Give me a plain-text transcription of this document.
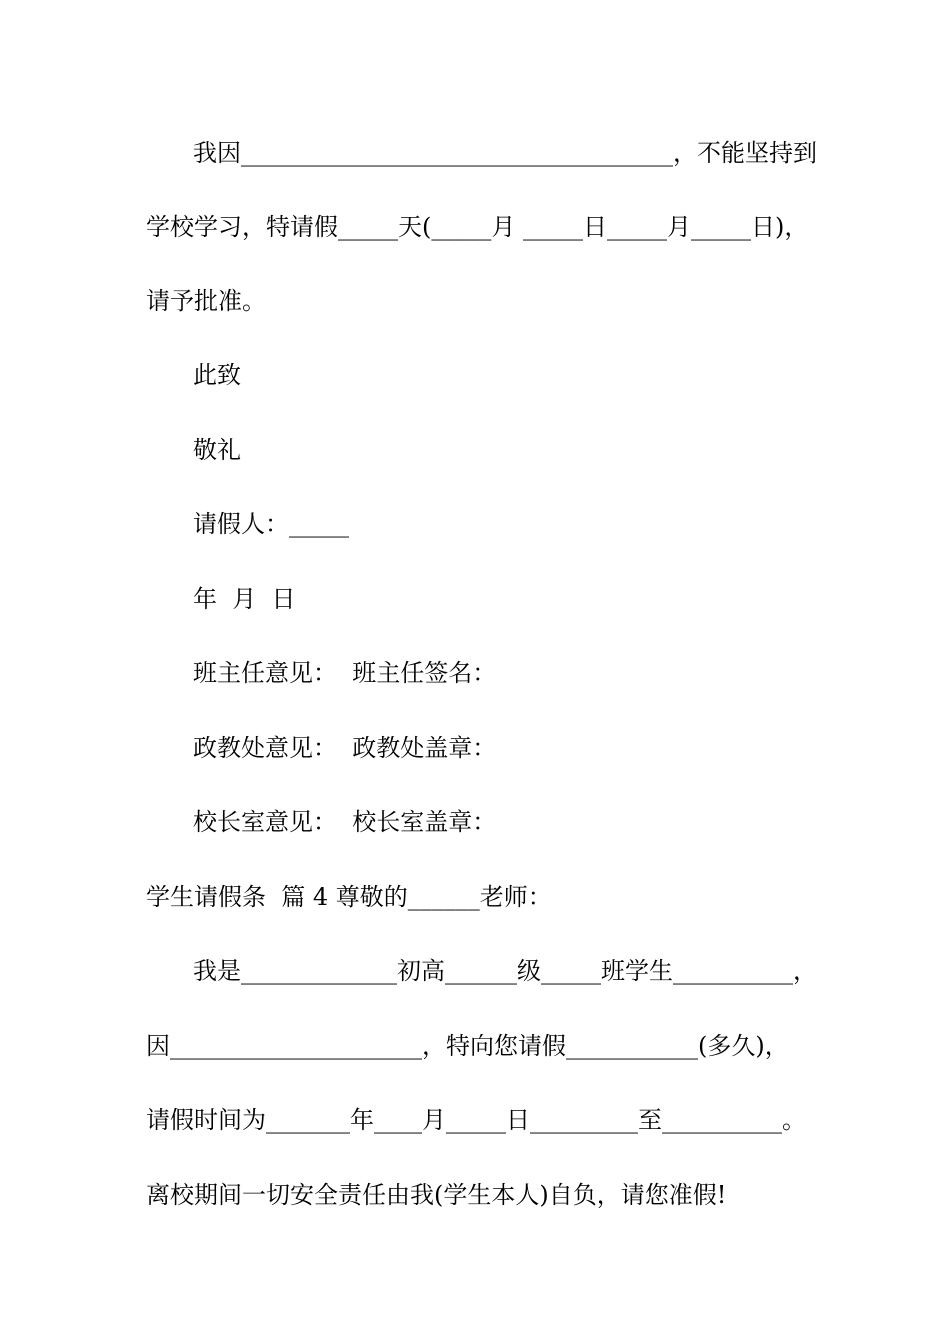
我因____________________________________，不能坚持到
学校学习，特请假_____天(_____月 _____日_____月_____日)，
请予批准。
此致
敬礼
请假人：_____
年  月  日
班主任意见：  班主任签名：
政教处意见：  政教处盖章：
校长室意见：  校长室盖章：
学生请假条  篇 4 尊敬的______老师：
我是_____________初高______级_____班学生__________，
因_____________________，特向您请假___________(多久)，
请假时间为_______年____月_____日_________至__________。
离校期间一切安全责任由我(学生本人)自负，请您准假!
